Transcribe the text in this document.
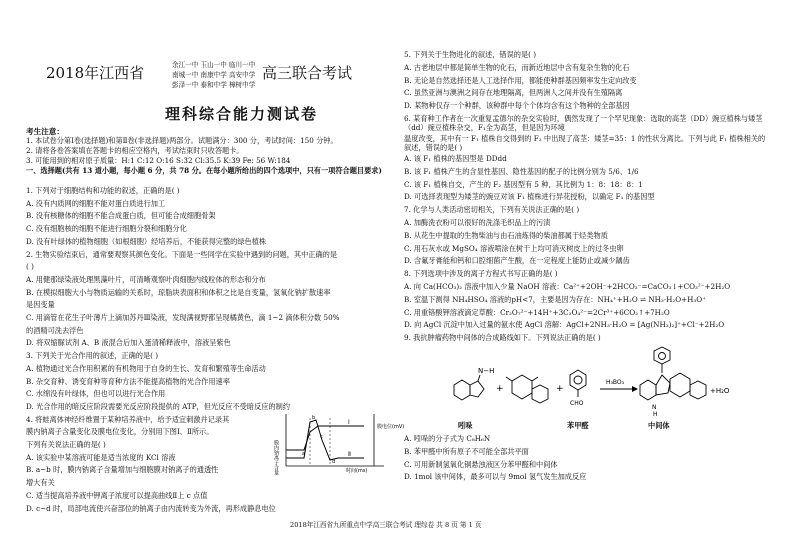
2018年江西省	余江一中 玉山一中 临川一中
南城一中 南康中学 高安中学
彭泽一中 泰和中学 樟树中学
高三联合考试
理科综合能力测试卷
考生注意：
1. 本试卷分第Ⅰ卷(选择题)和第Ⅱ卷(非选择题)两部分。试题满分：300 分，考试时间：150 分钟。
2. 请将各卷答案填在答题卡的相应空格内，考试结束时只收答题卡。
3. 可能用到的相对原子质量：H:1 C:12 O:16 S:32 Cl:35.5 K:39 Fe: 56 W:184
一、选择题(共有 13 道小题，每小题 6 分，共 78 分。在每小题所给出的四个选项中，只有一项符合题目要求)
1. 下列对于细胞结构和功能的叙述，正确的是( )
A. 没有内质网的细胞不能对蛋白质进行加工
B. 没有核糖体的细胞不能合成蛋白质，但可能合成细胞骨架
C. 没有细胞核的细胞不能进行细胞分裂和细胞分化
D. 没有叶绿体的植物细胞（如根细胞）经培养后，不能获得完整的绿色植株
2. 生物实验结束后，通常要观察其颜色变化。下面是一些同学在实验中遇到的问题，其中正确的是
( )
A. 用健那绿染液处理黑藻叶片，可清晰观察叶肉细胞内线粒体的形态和分布
B. 在模拟细胞大小与物质运输的关系时，琼脂块表面积和体积之比是自变量，氢氧化钠扩散速率
是因变量
C. 用滴管在花生子叶薄片上滴加苏丹Ⅲ染液，发现满视野都呈现橘黄色，滴 1~2 滴体积分数 50%
的酒精可洗去浮色
D. 将双缩脲试剂 A、B 液混合后加入蛋清稀释液中，溶液呈紫色
3. 下列关于光合作用的叙述，正确的是( )
A. 植物通过光合作用积累的有机物用于自身的生长、发育和繁殖等生命活动
B. 杂交育种、诱变育种等育种方法不能提高植物的光合作用速率
C. 水绵没有叶绿体，但也可以进行光合作用
D. 光合作用的暗反应阶段需要光反应阶段提供的 ATP，但光反应不受暗反应的制约
4. 将蛙离体神经纤维置于某种培养液中，给予适宜刺激并记录其
膜内钠离子含量变化及膜电位变化，分别用下图Ⅰ、Ⅱ所示。
下列有关说法正确的是( )
A. 该实验中某溶液可能是适当浓度的 KCl 溶液
B. a~b 时，膜内钠离子含量增加与细胞膜对钠离子的通透性
增大有关
C. 适当提高培养液中钾离子浓度可以提高曲线Ⅱ上 c 点值
D. c~d 时，局部电流使兴奋部位的钠离子由内流转变为外流，再形成静息电位
5. 下列关于生物进化的叙述，错误的是( )
A. 古老地层中都是简单生物的化石，而新近地层中含有复杂生物的化石
B. 无论是自然选择还是人工选择作用，都能使种群基因频率发生定向改变
C. 虽然亚洲与澳洲之间存在地理隔离，但两洲人之间并没有生殖隔离
D. 某物种仅存一个种群，该种群中每个个体均含有这个物种的全部基因
6. 某育种工作者在一次重复孟德尔的杂交实验时，偶然发现了一个罕见现象：选取的高茎（DD）豌豆植株与矮茎（dd）豌豆植株杂交，F₁全为高茎，但是因为环境
温度改变，其中有一 F₁ 植株自交得到的 F₂ 中出现了高茎：矮茎=35：1 的性状分离比。下列与此 F₁ 植株相关的叙述，错误的是( )
A. 该 F₁ 植株的基因型是 DDdd
B. 该 F₁ 植株产生的含显性基因、隐性基因的配子的比例分别为 5/6、1/6
C. 该 F₁ 植株自交，产生的 F₂ 基因型有 5 种，其比例为 1：8：18：8：1
D. 可选择表现型为矮茎的豌豆对该 F₁ 植株进行异花授粉，以确定 F₁ 的基因型
7. 化学与人类活动密切相关，下列有关说法正确的是( )
A. 加酶洗衣粉可以很好的洗涤毛织品上的污渍
B. 从花生中提取的生物柴油与由石油炼得的柴油都属于烃类物质
C. 用石灰水或 MgSO₄ 溶液喷涂在树干上均可消灭树皮上的过冬虫卵
D. 含氟牙膏能和钙和口腔细菌产生酸，在一定程度上能防止或减少龋齿
8. 下列选项中涉及的离子方程式书写正确的是( )
A. 向 Ca(HCO₃)₂ 溶液中加入少量 NaOH 溶液：Ca²⁺+2OH⁻+2HCO₃⁻=CaCO₃↓+CO₃²⁻+2H₂O
B. 室温下测得 NH₄HSO₄ 溶液的pH<7，主要是因为存在：NH₄⁺+H₂O ⇌ NH₃·H₂O+H₃O⁺
C. 用重铬酸钾溶液滴定草酸：Cr₂O₇²⁻+14H⁺+3C₂O₄²⁻=2Cr³⁺+6CO₂↑+7H₂O
D. 向 AgCl 沉淀中加入过量的氨水使 AgCl 溶解：AgCl+2NH₃·H₂O = [Ag(NH₃)₂]⁺+Cl⁻+2H₂O
9. 我抗肿瘤药物中间体的合成路线如下。下列说法正确的是( )
A. 吲哚的分子式为 C₈H₆N
B. 苯甲醛中所有原子不可能全部共平面
C. 可用新制氢氧化铜悬浊液区分苯甲醛和中间体
D. 1mol 该中间体，最多可以与 9mol 氢气发生加成反应
膜内钠离子含量
膜电位(mV)
时间(ms)
Ⅰ
Ⅱ
a
b
c
d
N−H
+	+
CHO
H₃BO₃
N
H
+H₂O
吲哚	苯甲醛	中间体
2018年江西省九所重点中学高三联合考试 理综卷 共 8 页 第 1 页
